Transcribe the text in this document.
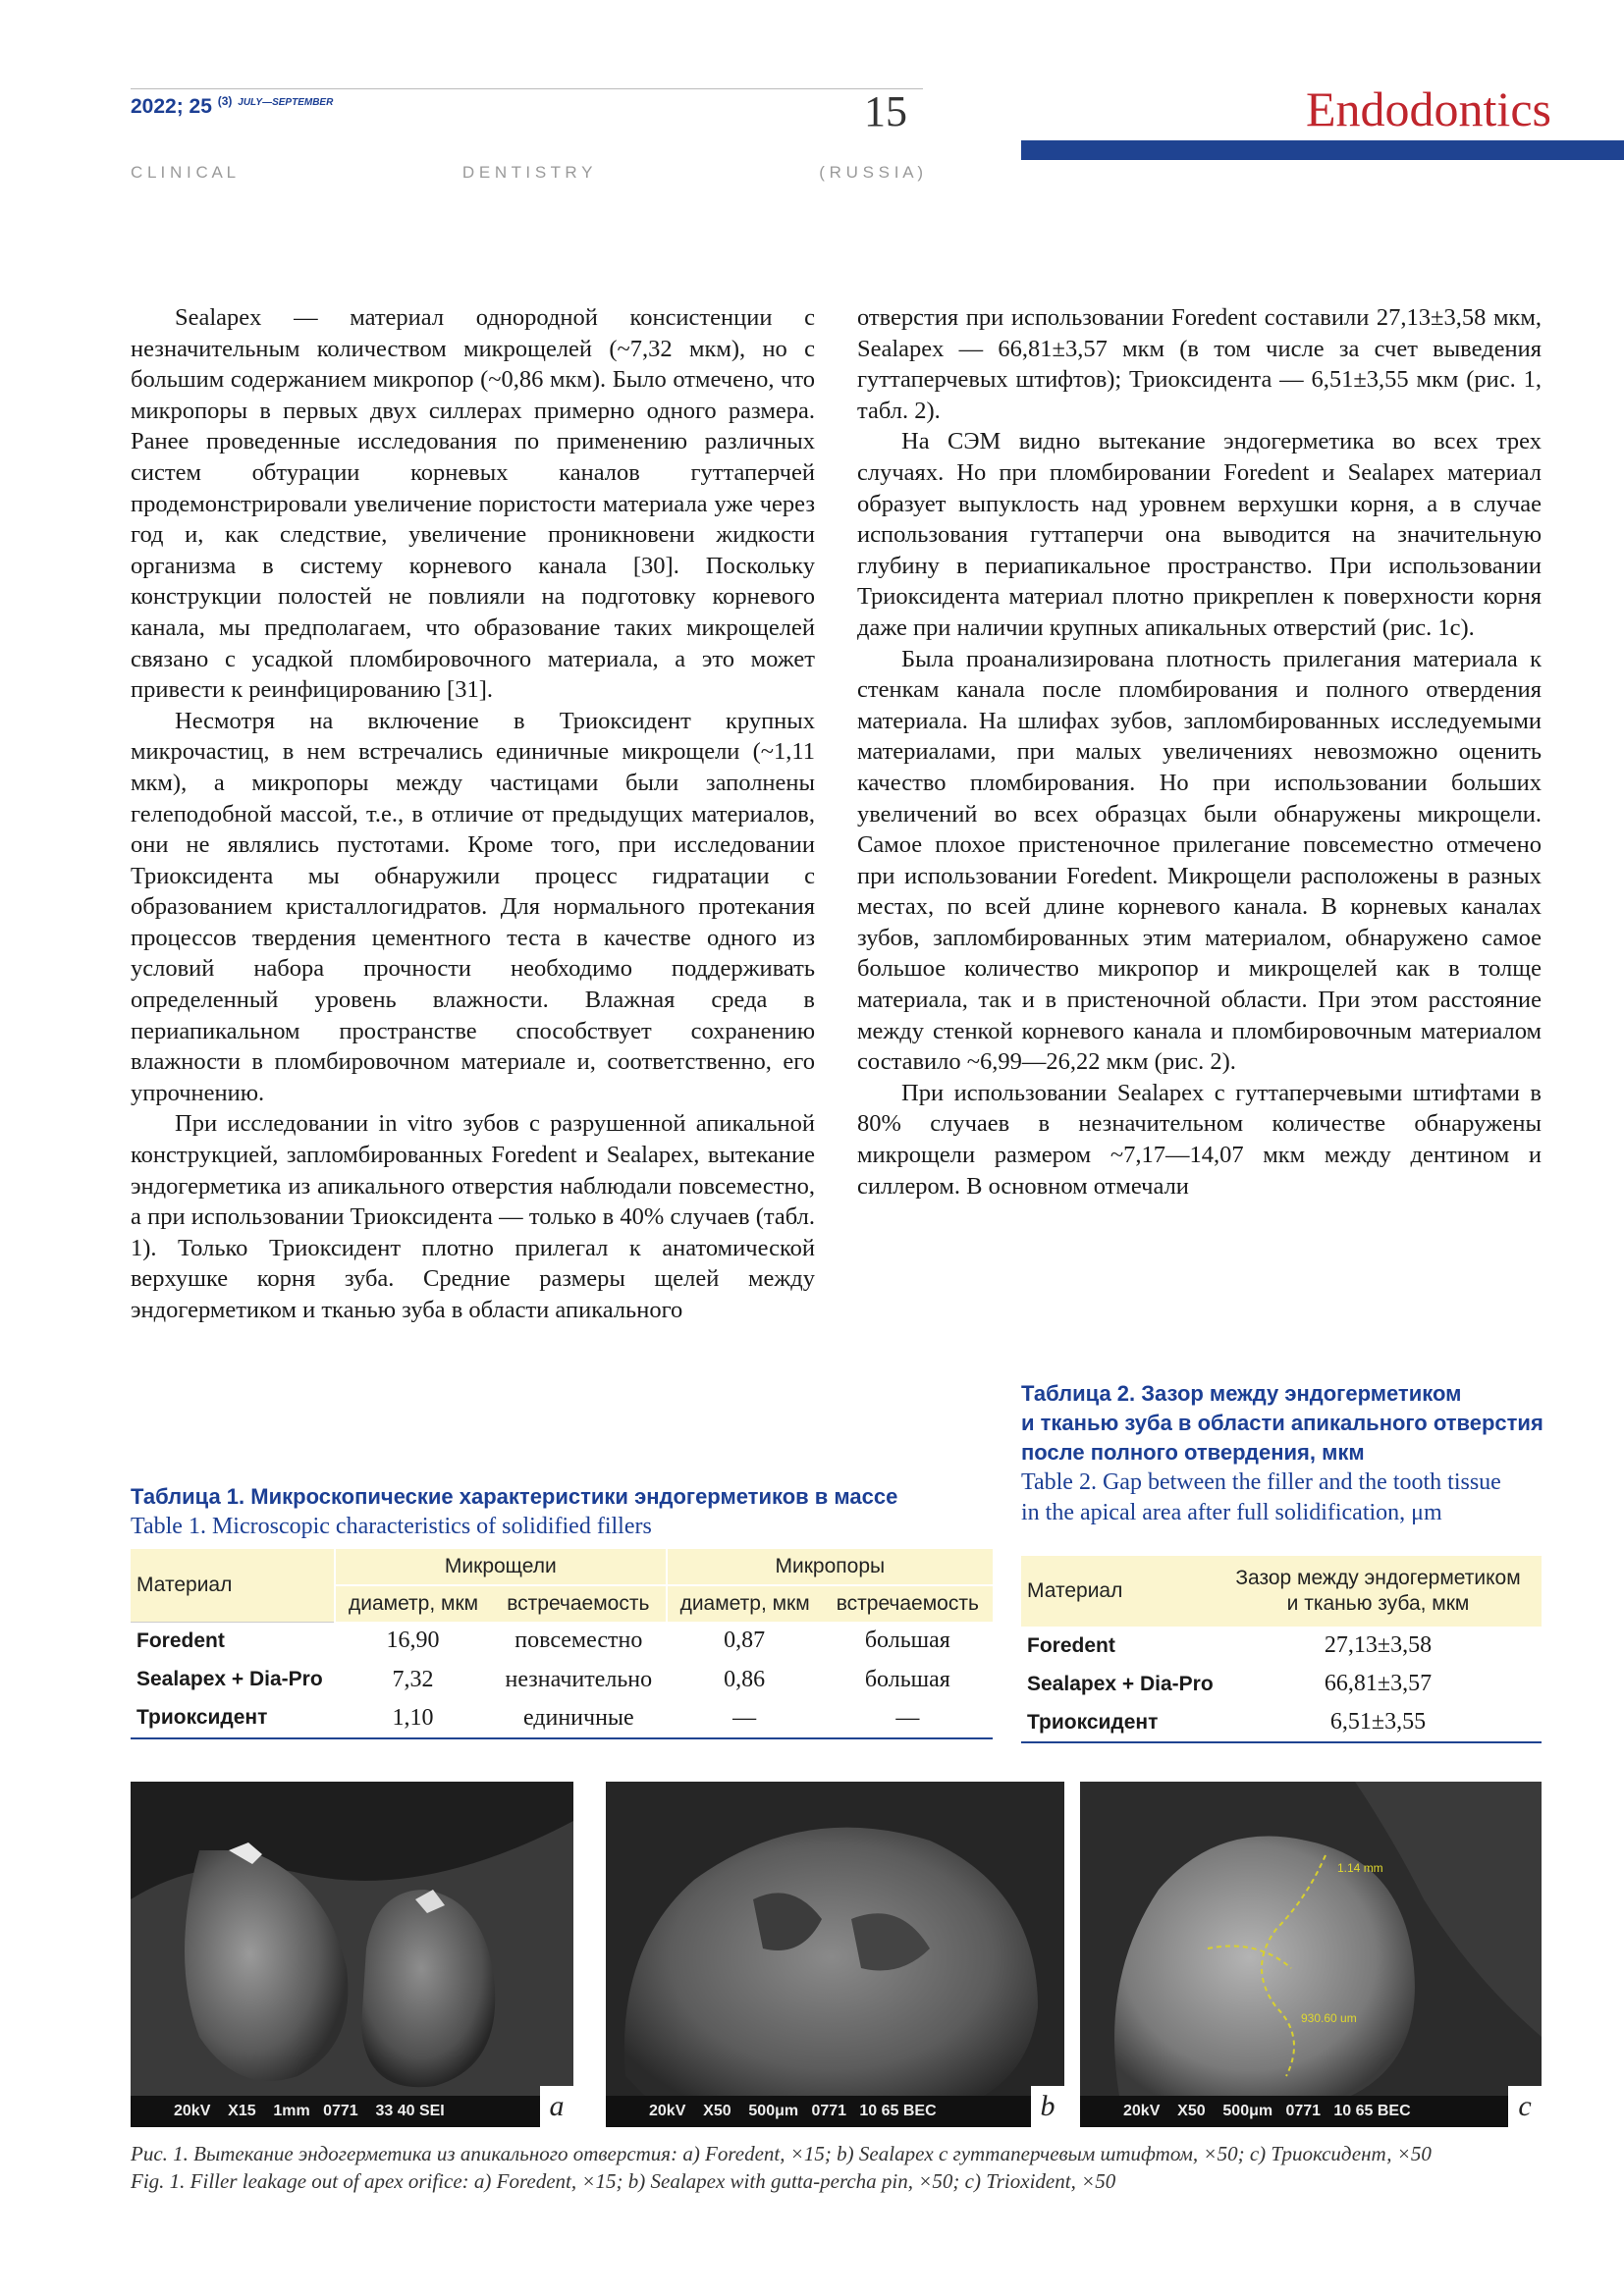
2022; 25 $^{(3)}$ $^{JULY—SEPTEMBER}$	15
C L I N I C A L	D E N T I S T R Y	( R U S S I A )
Endodontics

Sealapex — материал однородной консистенции с незначительным количеством микрощелей (~7,32 мкм), но с большим содержанием микропор (~0,86 мкм). Было отмечено, что микропоры в первых двух силлерах примерно одного размера. Ранее проведенные исследования по применению различных систем обтурации корневых каналов гуттаперчей продемонстрировали увеличение пористости материала уже через год и, как следствие, увеличение проникновени жидкости организма в систему корневого канала [30]. Поскольку конструкции полостей не повлияли на подготовку корневого канала, мы предполагаем, что образование таких микрощелей связано с усадкой пломбировочного материала, а это может привести к реинфицированию [31].

Несмотря на включение в Триоксидент крупных микрочастиц, в нем встречались единичные микрощели (~1,11 мкм), а микропоры между частицами были заполнены гелеподобной массой, т.е., в отличие от предыдущих материалов, они не являлись пустотами. Кроме того, при исследовании Триоксидента мы обнаружили процесс гидратации с образованием кристаллогидратов. Для нормального протекания процессов твердения цементного теста в качестве одного из условий набора прочности необходимо поддерживать определенный уровень влажности. Влажная среда в периапикальном пространстве способствует сохранению влажности в пломбировочном материале и, соответственно, его упрочнению.

При исследовании in vitro зубов с разрушенной апикальной конструкцией, запломбированных Foredent и Sealapex, вытекание эндогерметика из апикального отверстия наблюдали повсеместно, а при использовании Триоксидента — только в 40% случаев (табл. 1). Только Триоксидент плотно прилегал к анатомической верхушке корня зуба. Средние размеры щелей между эндогерметиком и тканью зуба в области апикального

отверстия при использовании Foredent составили 27,13±3,58 мкм, Sealapex — 66,81±3,57 мкм (в том числе за счет выведения гуттаперчевых штифтов); Триоксидента — 6,51±3,55 мкм (рис. 1, табл. 2).

На СЭМ видно вытекание эндогерметика во всех трех случаях. Но при пломбировании Foredent и Sealapex материал образует выпуклость над уровнем верхушки корня, а в случае использования гуттаперчи она выводится на значительную глубину в периапикальное пространство. При использовании Триоксидента материал плотно прикреплен к поверхности корня даже при наличии крупных апикальных отверстий (рис. 1с).

Была проанализирована плотность прилегания материала к стенкам канала после пломбирования и полного отвердения материала. На шлифах зубов, запломбированных исследуемыми материалами, при малых увеличениях невозможно оценить качество пломбирования. Но при использовании больших увеличений во всех образцах были обнаружены микрощели. Самое плохое пристеночное прилегание повсеместно отмечено при использовании Foredent. Микрощели расположены в разных местах, по всей длине корневого канала. В корневых каналах зубов, запломбированных этим материалом, обнаружено самое большое количество микропор и микрощелей как в толще материала, так и в пристеночной области. При этом расстояние между стенкой корневого канала и пломбировочным материалом составило ~6,99—26,22 мкм (рис. 2).

При использовании Sealapex с гуттаперчевыми штифтами в 80% случаев в незначительном количестве обнаружены микрощели размером ~7,17—14,07 мкм между дентином и силлером. В основном отмечали

Таблица 2. Зазор между эндогерметиком
и тканью зуба в области апикального отверстия
после полного отвердения, мкм
Table 2. Gap between the filler and the tooth tissue
in the apical area after full solidification, μm
Таблица 1. Микроскопические характеристики эндогерметиков в массе
Table 1. Microscopic characteristics of solidified fillers
Материал	Микрощели		Микропоры	
	диаметр, мкм	встречаемость	диаметр, мкм	встречаемость
Foredent	16,90	повсеместно	0,87	большая
Sealapex + Dia-Pro	7,32	незначительно	0,86	большая
Триоксидент	1,10	единичные	—	—
Материал	Зазор между эндогерметиком
и тканью зуба, мкм

Foredent	27,13±3,58
Sealapex + Dia-Pro	66,81±3,57
Триоксидент	6,51±3,55
20kV    X15    1mm   0771    33 40 SEI	a	20kV    X50    500μm   0771   10 65 BEC	b
1.14 mm
930.60 um
20kV    X50    500μm   0771   10 65 BEC	c
Рис. 1. Вытекание эндогерметика из апикального отверстия: a) Foredent, ×15; b) Sealapex с гуттаперчевым штифтом, ×50; c) Триоксидент, ×50
Fig. 1. Filler leakage out of apex orifice: a) Foredent, ×15; b) Sealapex with gutta-percha pin, ×50; c) Trioxident, ×50
